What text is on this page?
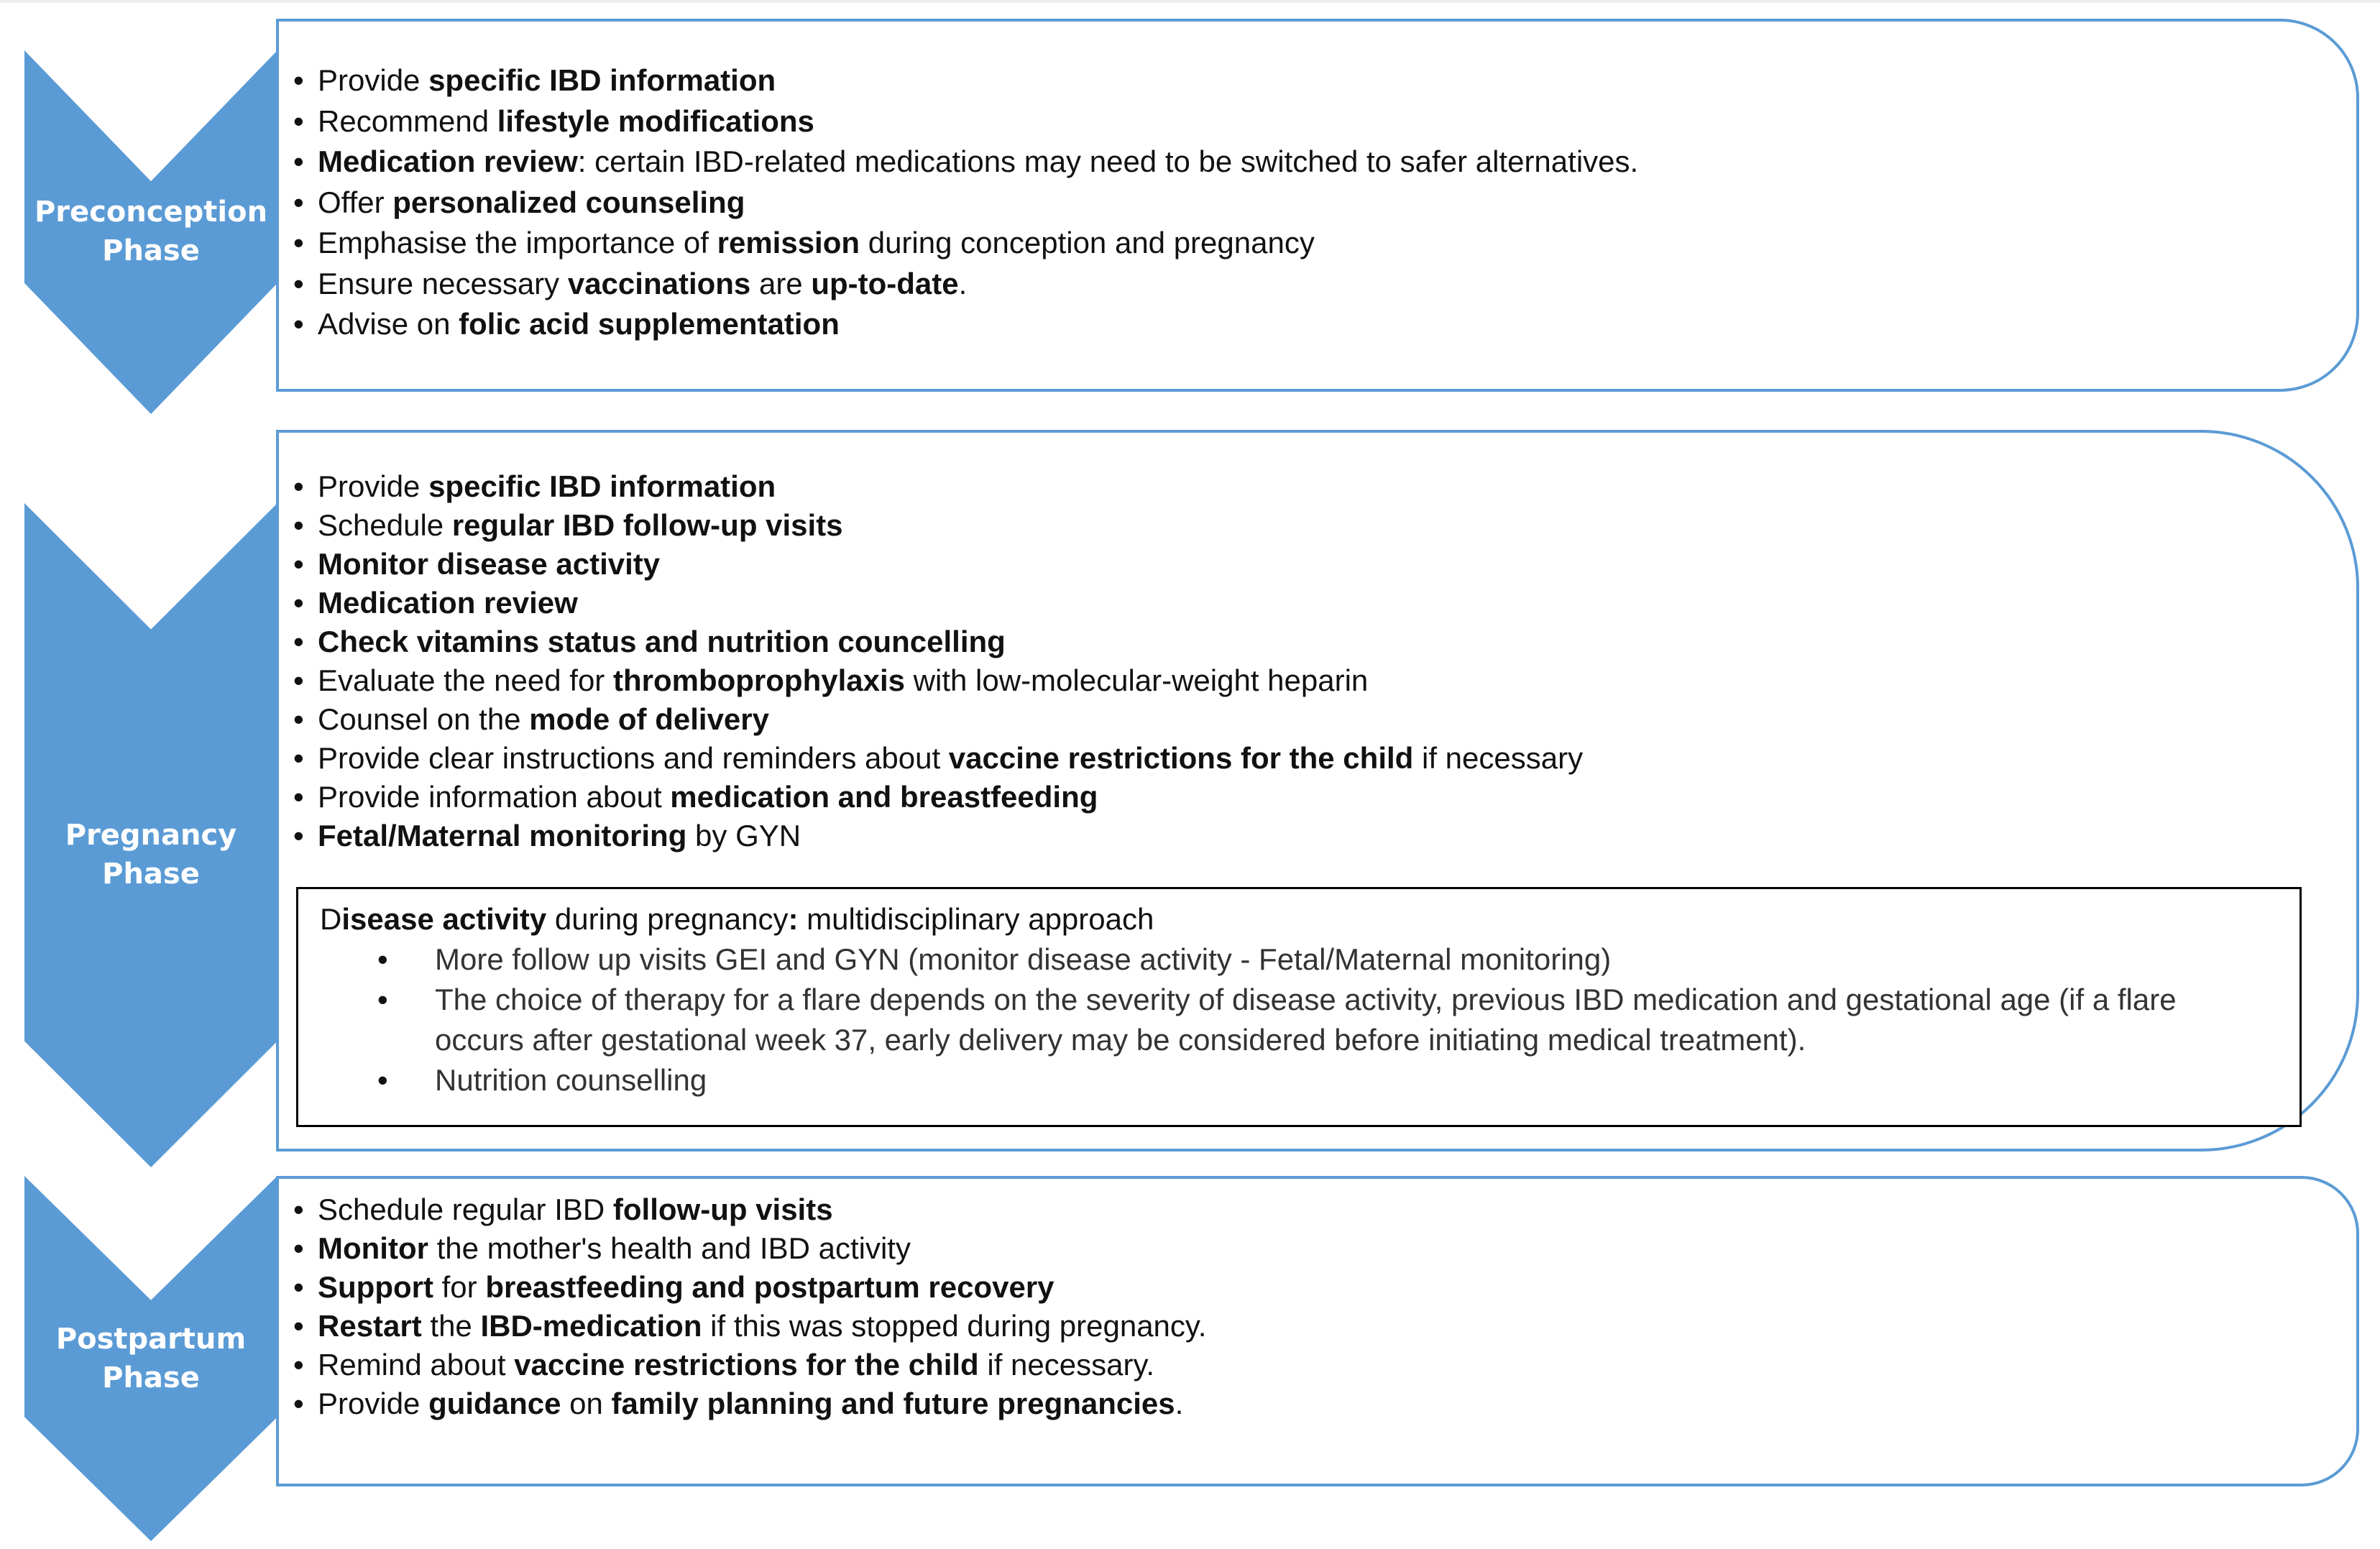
Preconception
Phase
• Provide specific IBD information
• Recommend lifestyle modifications
• Medication review: certain IBD-related medications may need to be switched to safer alternatives.
• Offer personalized counseling
• Emphasise the importance of remission during conception and pregnancy
• Ensure necessary vaccinations are up-to-date.
• Advise on folic acid supplementation
Pregnancy Phase
• Provide specific IBD information
• Schedule regular IBD follow-up visits
• Monitor disease activity
• Medication review
• Check vitamins status and nutrition councelling
• Evaluate the need for thromboprophylaxis with low-molecular-weight heparin
• Counsel on the mode of delivery
• Provide clear instructions and reminders about vaccine restrictions for the child if necessary
• Provide information about medication and breastfeeding
• Fetal/Maternal monitoring by GYN
Disease activity during pregnancy: multidisciplinary approach
• More follow up visits GEI and GYN (monitor disease activity - Fetal/Maternal monitoring)
• The choice of therapy for a flare depends on the severity of disease activity, previous IBD medication and gestational age (if a flare occurs after gestational week 37, early delivery may be considered before initiating medical treatment).
• Nutrition counselling
Postpartum
Phase
• Schedule regular IBD follow-up visits
• Monitor the mother's health and IBD activity
• Support for breastfeeding and postpartum recovery
• Restart the IBD-medication if this was stopped during pregnancy.
• Remind about vaccine restrictions for the child if necessary.
• Provide guidance on family planning and future pregnancies.
